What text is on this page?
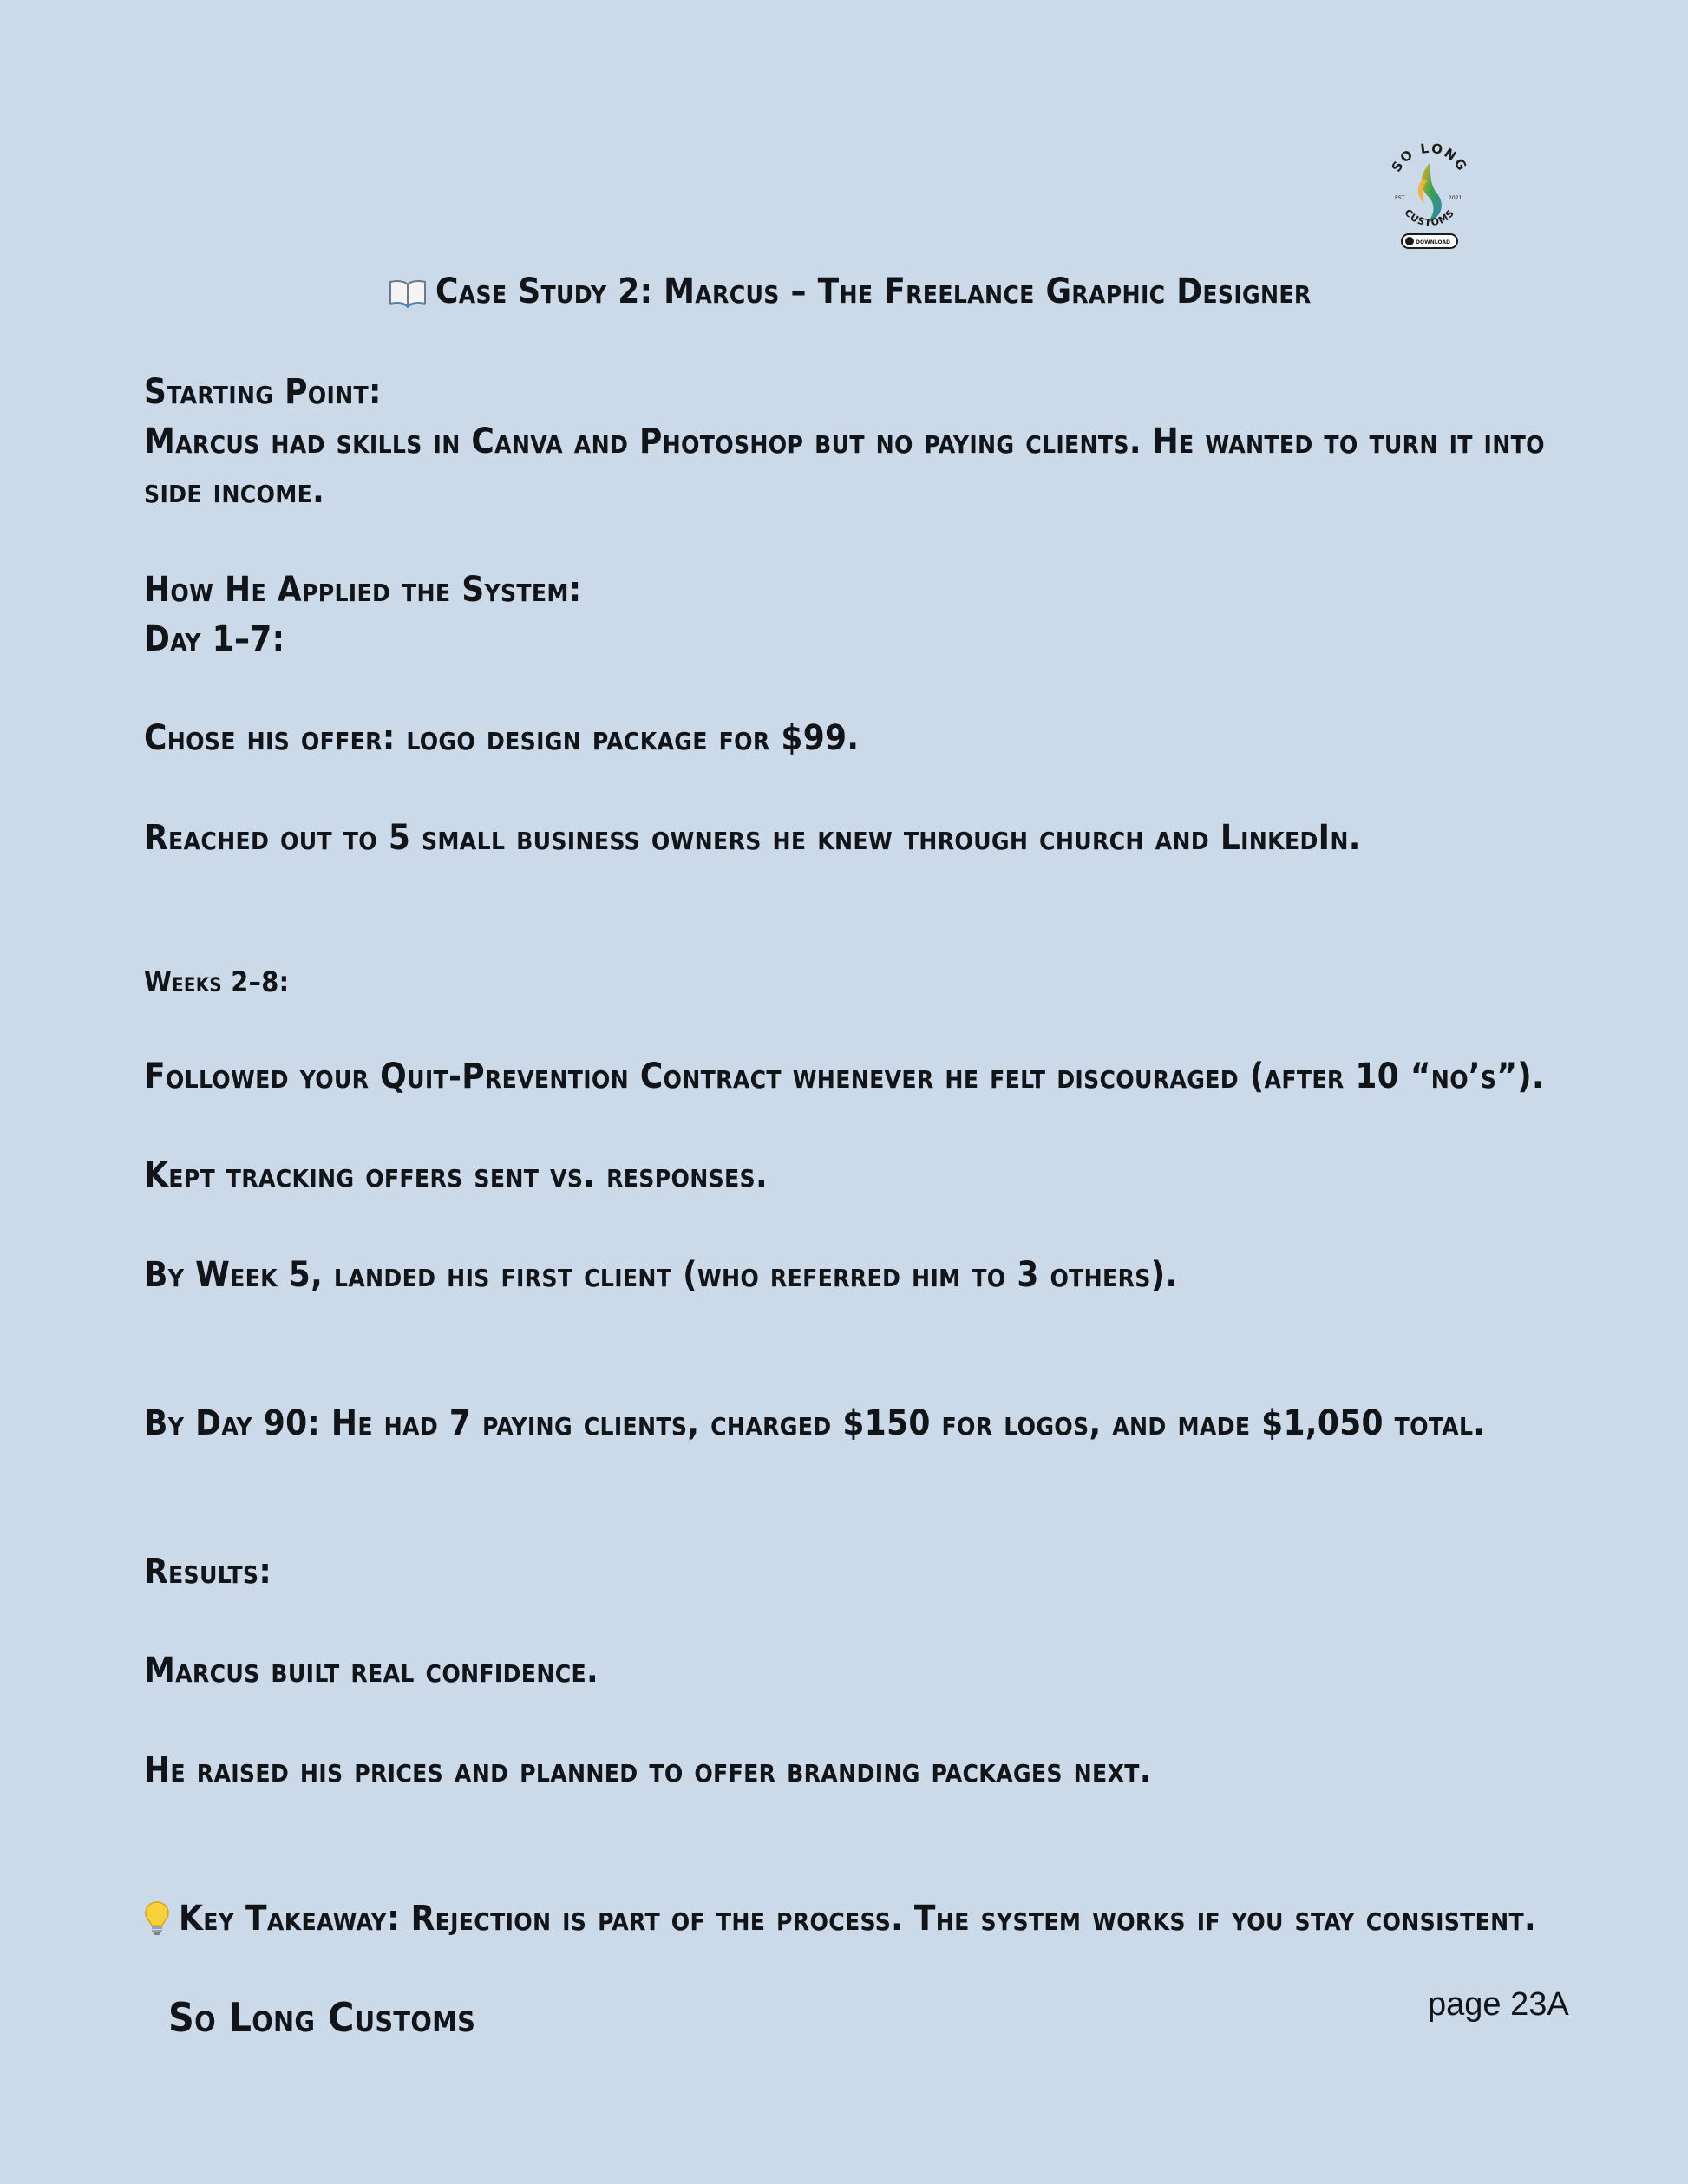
SO LONG
EST	2021
CUSTOMS
DOWNLOAD
Case Study 2: Marcus – The Freelance Graphic Designer
Starting Point:
Marcus had skills in Canva and Photoshop but no paying clients. He wanted to turn it into
side income.
How He Applied the System:
Day 1–7:
Chose his offer: logo design package for $99.
Reached out to 5 small business owners he knew through church and LinkedIn.
Weeks 2–8:
Followed your Quit-Prevention Contract whenever he felt discouraged (after 10 “no’s”).
Kept tracking offers sent vs. responses.
By Week 5, landed his first client (who referred him to 3 others).
By Day 90: He had 7 paying clients, charged $150 for logos, and made $1,050 total.
Results:
Marcus built real confidence.
He raised his prices and planned to offer branding packages next.
Key Takeaway: Rejection is part of the process. The system works if you stay consistent.
So Long Customs	page 23A
